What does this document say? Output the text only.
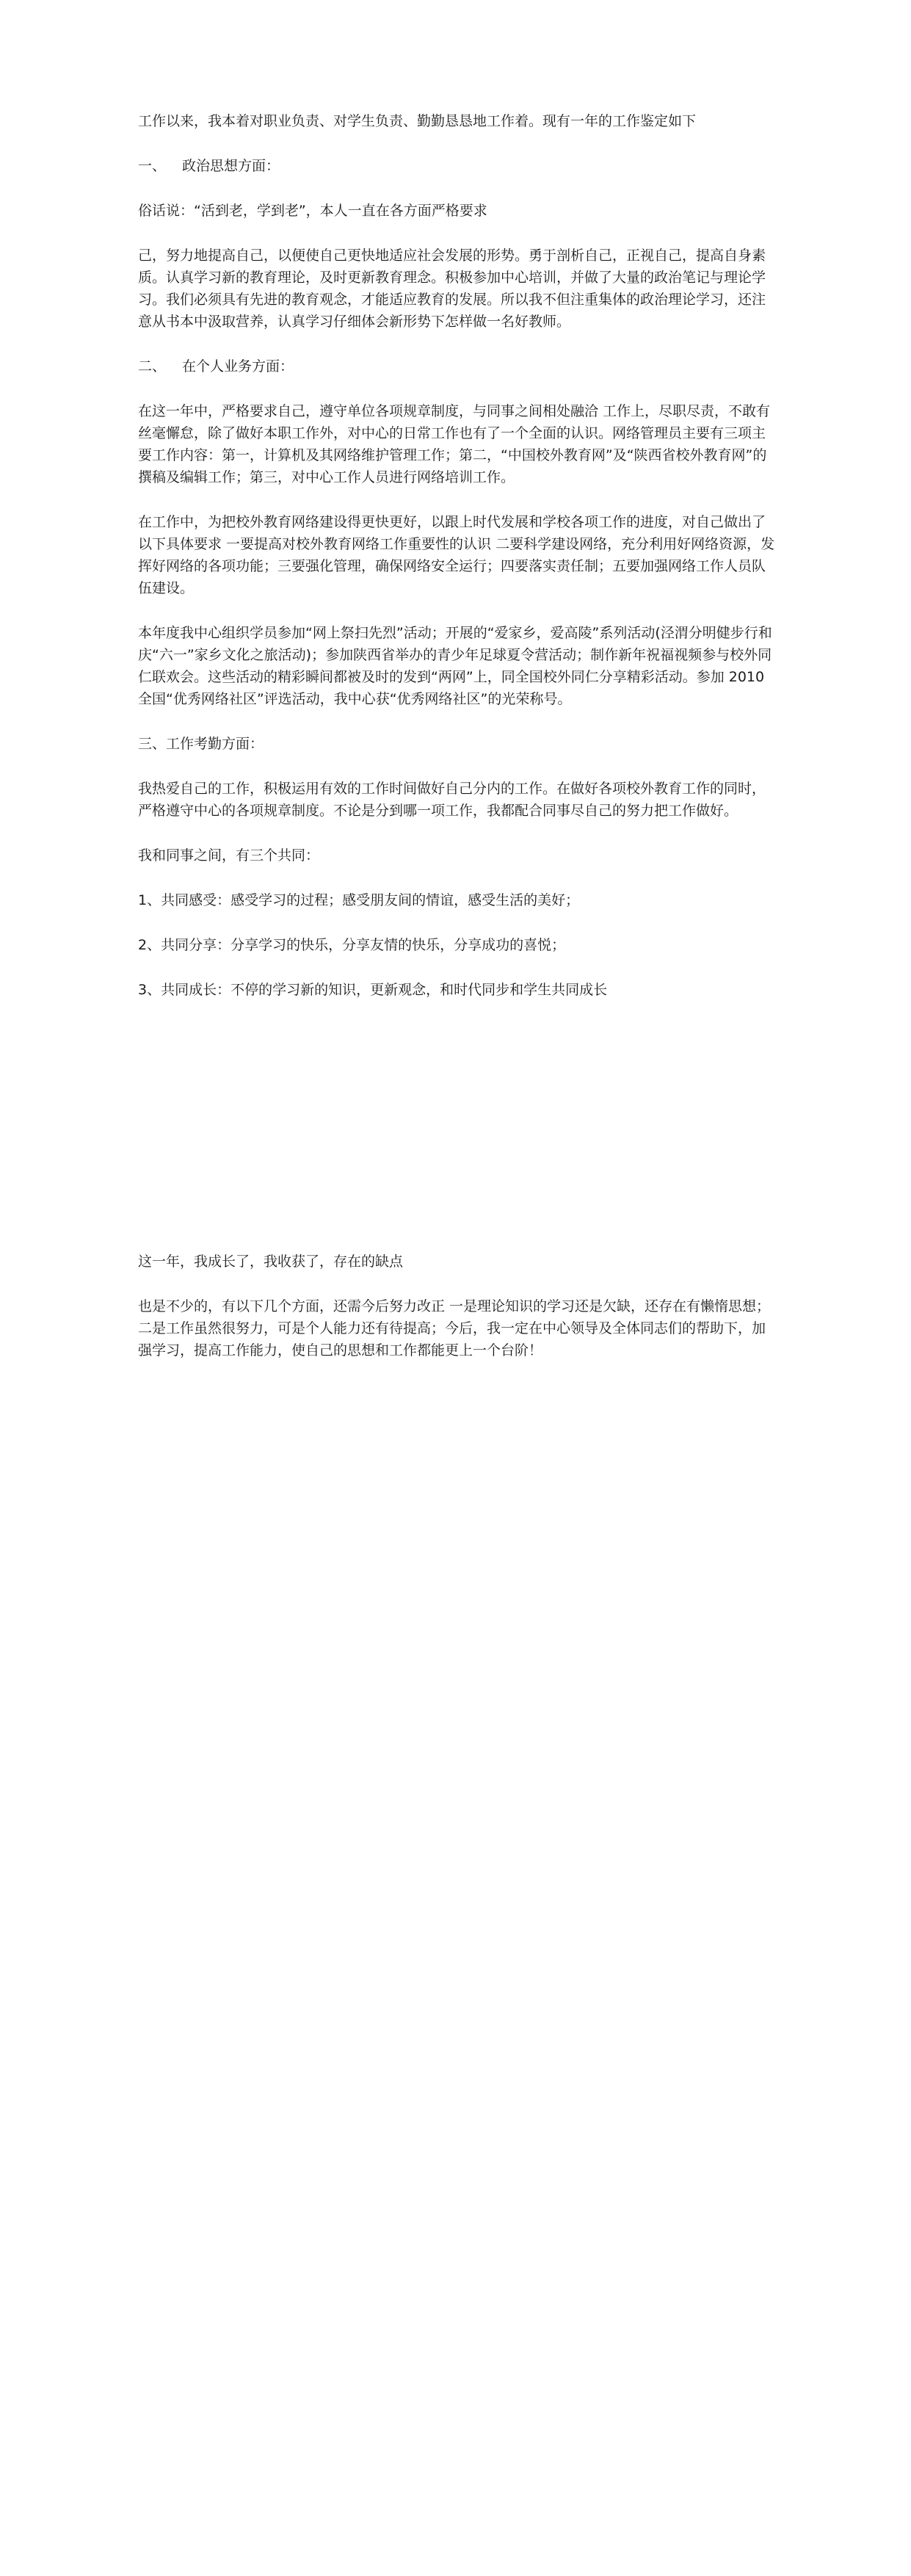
工作以来，我本着对职业负责、对学生负责、勤勤恳恳地工作着。现有一年的工作鉴定如下

一、 政治思想方面：

俗话说：“活到老，学到老”，本人一直在各方面严格要求

己，努力地提高自己，以便使自己更快地适应社会发展的形势。勇于剖析自己，正视自己，提高自身素质。认真学习新的教育理论，及时更新教育理念。积极参加中心培训，并做了大量的政治笔记与理论学习。我们必须具有先进的教育观念，才能适应教育的发展。所以我不但注重集体的政治理论学习，还注意从书本中汲取营养，认真学习仔细体会新形势下怎样做一名好教师。

二、 在个人业务方面：

在这一年中，严格要求自己，遵守单位各项规章制度，与同事之间相处融洽 工作上，尽职尽责，不敢有丝毫懈怠，除了做好本职工作外，对中心的日常工作也有了一个全面的认识。网络管理员主要有三项主要工作内容：第一，计算机及其网络维护管理工作；第二，“中国校外教育网”及“陕西省校外教育网”的撰稿及编辑工作；第三，对中心工作人员进行网络培训工作。

在工作中，为把校外教育网络建设得更快更好，以跟上时代发展和学校各项工作的进度，对自己做出了以下具体要求 一要提高对校外教育网络工作重要性的认识 二要科学建设网络，充分利用好网络资源，发挥好网络的各项功能；三要强化管理，确保网络安全运行；四要落实责任制；五要加强网络工作人员队伍建设。

本年度我中心组织学员参加“网上祭扫先烈”活动；开展的“爱家乡，爱高陵”系列活动(泾渭分明健步行和庆“六一”家乡文化之旅活动)；参加陕西省举办的青少年足球夏令营活动；制作新年祝福视频参与校外同仁联欢会。这些活动的精彩瞬间都被及时的发到“两网”上，同全国校外同仁分享精彩活动。参加 2010 全国“优秀网络社区”评选活动，我中心获“优秀网络社区”的光荣称号。

三、工作考勤方面：

我热爱自己的工作，积极运用有效的工作时间做好自己分内的工作。在做好各项校外教育工作的同时，严格遵守中心的各项规章制度。不论是分到哪一项工作，我都配合同事尽自己的努力把工作做好。

我和同事之间，有三个共同：

1、共同感受：感受学习的过程；感受朋友间的情谊，感受生活的美好；

2、共同分享：分享学习的快乐，分享友情的快乐，分享成功的喜悦；

3、共同成长：不停的学习新的知识，更新观念，和时代同步和学生共同成长

这一年，我成长了，我收获了，存在的缺点

也是不少的，有以下几个方面，还需今后努力改正 一是理论知识的学习还是欠缺，还存在有懒惰思想；二是工作虽然很努力，可是个人能力还有待提高；今后，我一定在中心领导及全体同志们的帮助下，加强学习，提高工作能力，使自己的思想和工作都能更上一个台阶！
